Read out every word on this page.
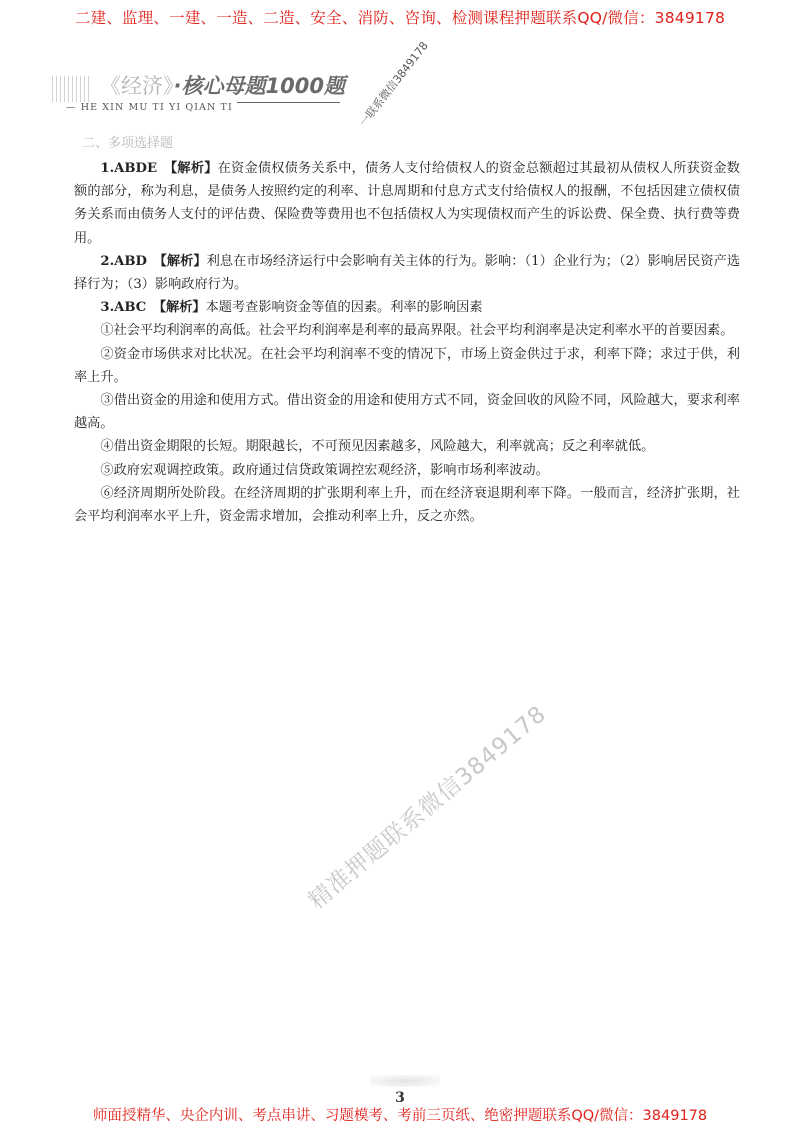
二建、监理、一建、一造、二造、安全、消防、咨询、检测课程押题联系QQ/微信：3849178
《经济》·核心母题1000题
— HE XIN MU TI YI QIAN TI	一联系微信3849178
二、多项选择题

1.ABDE　【解析】在资金债权债务关系中，债务人支付给债权人的资金总额超过其最初从债权人所获资金数额的部分，称为利息，是债务人按照约定的利率、计息周期和付息方式支付给债权人的报酬，不包括因建立债权债务关系而由债务人支付的评估费、保险费等费用也不包括债权人为实现债权而产生的诉讼费、保全费、执行费等费用。

2.ABD　【解析】利息在市场经济运行中会影响有关主体的行为。影响：（1）企业行为；（2）影响居民资产选择行为；（3）影响政府行为。

3.ABC　【解析】本题考查影响资金等值的因素。利率的影响因素

①社会平均利润率的高低。社会平均利润率是利率的最高界限。社会平均利润率是决定利率水平的首要因素。

②资金市场供求对比状况。在社会平均利润率不变的情况下，市场上资金供过于求，利率下降；求过于供，利率上升。

③借出资金的用途和使用方式。借出资金的用途和使用方式不同，资金回收的风险不同，风险越大，要求利率越高。

④借出资金期限的长短。期限越长，不可预见因素越多，风险越大，利率就高；反之利率就低。

⑤政府宏观调控政策。政府通过信贷政策调控宏观经济，影响市场利率波动。

⑥经济周期所处阶段。在经济周期的扩张期利率上升，而在经济衰退期利率下降。一般而言，经济扩张期，社会平均利润率水平上升，资金需求增加，会推动利率上升，反之亦然。

精准押题联系微信3849178
3
师面授精华、央企内训、考点串讲、习题模考、考前三页纸、绝密押题联系QQ/微信：3849178
